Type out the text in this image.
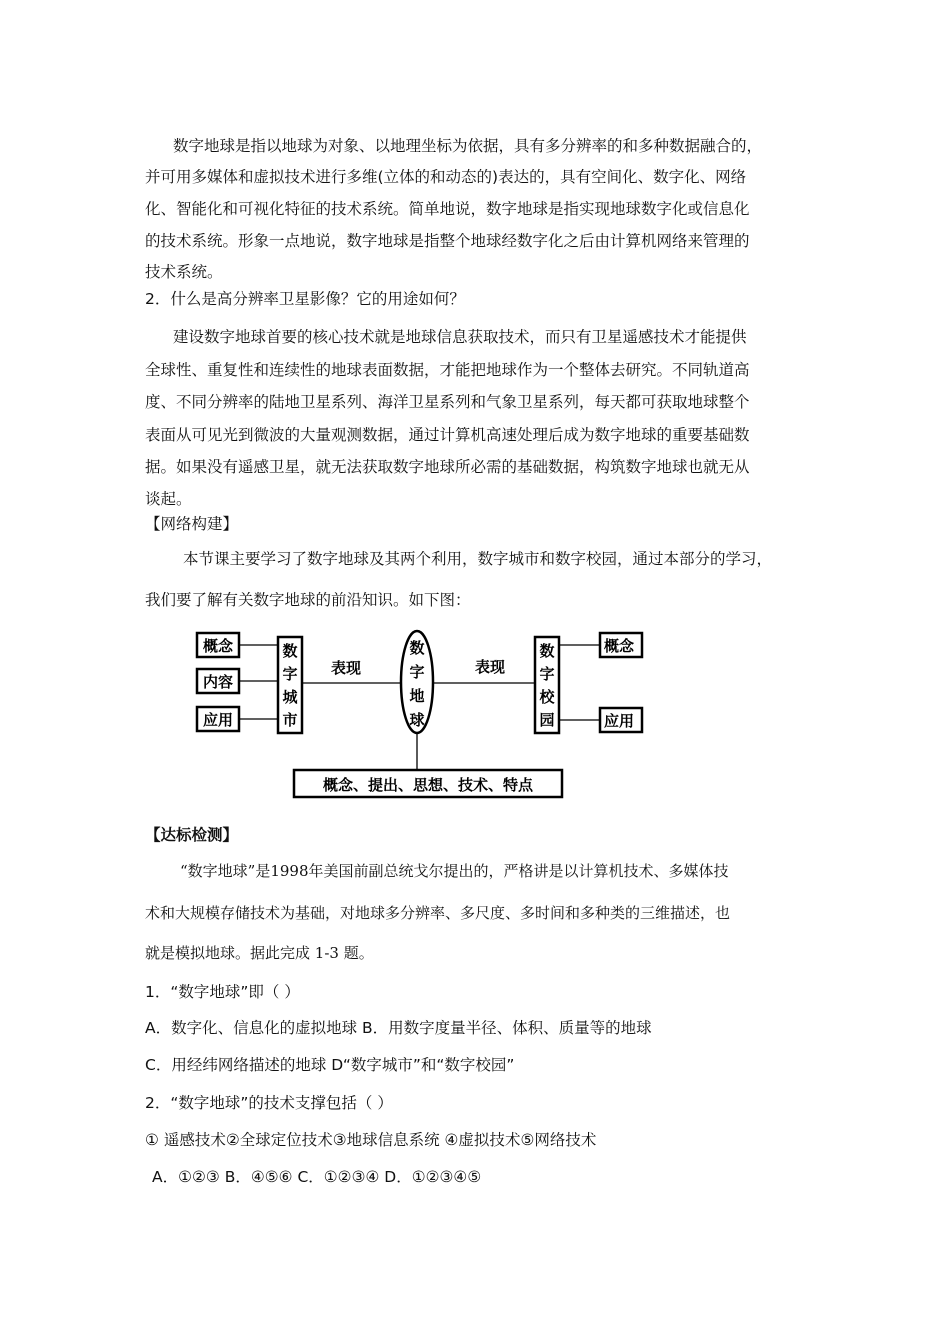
数字地球是指以地球为对象、以地理坐标为依据，具有多分辨率的和多种数据融合的，
并可用多媒体和虚拟技术进行多维(立体的和动态的)表达的，具有空间化、数字化、网络
化、智能化和可视化特征的技术系统。简单地说，数字地球是指实现地球数字化或信息化
的技术系统。形象一点地说，数字地球是指整个地球经数字化之后由计算机网络来管理的
技术系统。
2．什么是高分辨率卫星影像？它的用途如何？
建设数字地球首要的核心技术就是地球信息获取技术，而只有卫星遥感技术才能提供
全球性、重复性和连续性的地球表面数据，才能把地球作为一个整体去研究。不同轨道高
度、不同分辨率的陆地卫星系列、海洋卫星系列和气象卫星系列，每天都可获取地球整个
表面从可见光到微波的大量观测数据，通过计算机高速处理后成为数字地球的重要基础数
据。如果没有遥感卫星，就无法获取数字地球所必需的基础数据，构筑数字地球也就无从
谈起。
【网络构建】
本节课主要学习了数字地球及其两个利用，数字城市和数字校园，通过本部分的学习，
我们要了解有关数字地球的前沿知识。如下图：
概念
内容
应用
数
字
城
市
表现
数
字
地
球
表现
数
字
校
园
概念
应用
概念、提出、思想、技术、特点
【达标检测】
“数字地球”是1998年美国前副总统戈尔提出的，严格讲是以计算机技术、多媒体技
术和大规模存储技术为基础，对地球多分辨率、多尺度、多时间和多种类的三维描述，也
就是模拟地球。据此完成 1-3 题。
1．“数字地球”即（ ）
A．数字化、信息化的虚拟地球 B．用数字度量半径、体积、质量等的地球
C．用经纬网络描述的地球 D“数字城市”和“数字校园”
2．“数字地球”的技术支撑包括（ ）
① 遥感技术②全球定位技术③地球信息系统 ④虚拟技术⑤网络技术
A．①②③ B．④⑤⑥ C．①②③④ D．①②③④⑤
